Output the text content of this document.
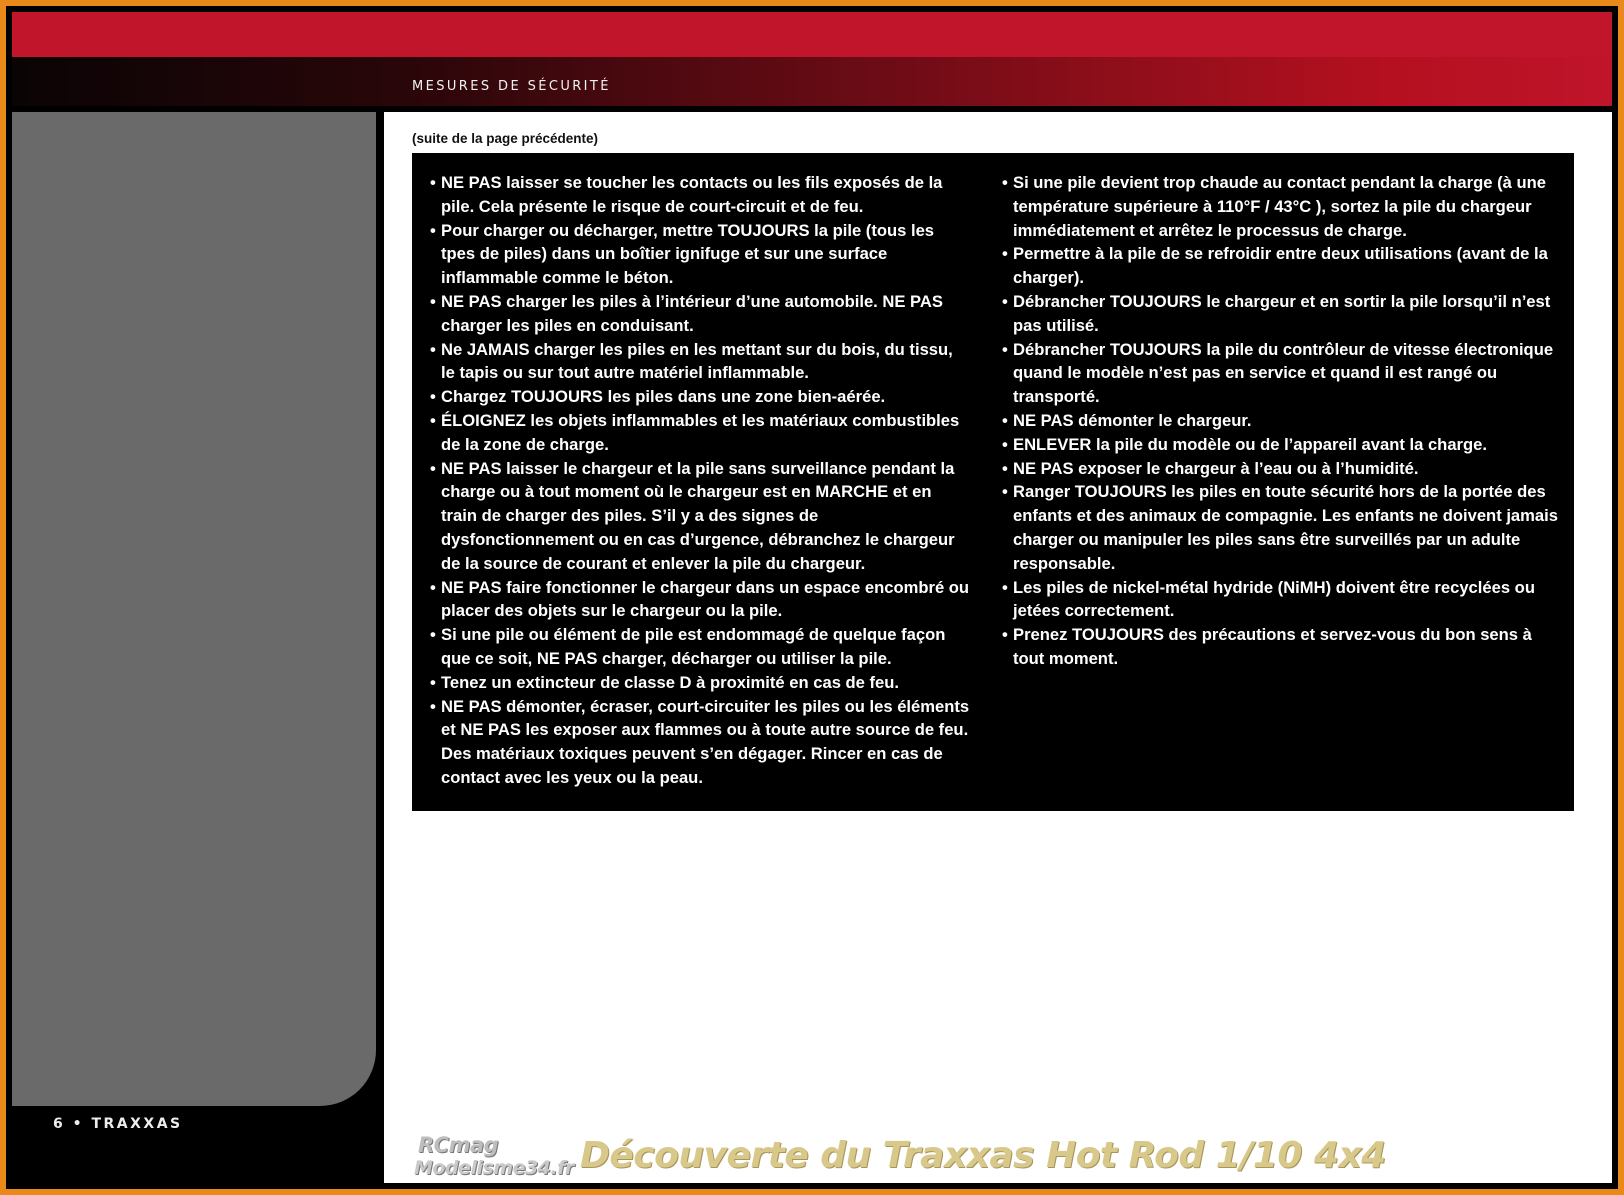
MESURES DE SÉCURITÉ
6 • TRAXXAS
(suite de la page précédente)
• NE PAS laisser se toucher les contacts ou les fils exposés de la pile. Cela présente le risque de court-circuit et de feu.
• Pour charger ou décharger, mettre TOUJOURS la pile (tous les tpes de piles) dans un boîtier ignifuge et sur une surface inflammable comme le béton.
• NE PAS charger les piles à l’intérieur d’une automobile. NE PAS charger les piles en conduisant.
• Ne JAMAIS charger les piles en les mettant sur du bois, du tissu, le tapis ou sur tout autre matériel inflammable.
• Chargez TOUJOURS les piles dans une zone bien-aérée.
• ÉLOIGNEZ les objets inflammables et les matériaux combustibles de la zone de charge.
• NE PAS laisser le chargeur et la pile sans surveillance pendant la charge ou à tout moment où le chargeur est en MARCHE et en train de charger des piles. S’il y a des signes de dysfonctionnement ou en cas d’urgence, débranchez le chargeur de la source de courant et enlever la pile du chargeur.
• NE PAS faire fonctionner le chargeur dans un espace encombré ou placer des objets sur le chargeur ou la pile.
• Si une pile ou élément de pile est endommagé de quelque façon que ce soit, NE PAS charger, décharger ou utiliser la pile.
• Tenez un extincteur de classe D à proximité en cas de feu.
• NE PAS démonter, écraser, court-circuiter les piles ou les éléments et NE PAS les exposer aux flammes ou à toute autre source de feu. Des matériaux toxiques peuvent s’en dégager. Rincer en cas de contact avec les yeux ou la peau.
• Si une pile devient trop chaude au contact pendant la charge (à une température supérieure à 110°F / 43°C ), sortez la pile du chargeur immédiatement et arrêtez le processus de charge.
• Permettre à la pile de se refroidir entre deux utilisations (avant de la charger).
• Débrancher TOUJOURS le chargeur et en sortir la pile lorsqu’il n’est pas utilisé.
• Débrancher TOUJOURS la pile du contrôleur de vitesse électronique quand le modèle n’est pas en service et quand il est rangé ou transporté.
• NE PAS démonter le chargeur.
• ENLEVER la pile du modèle ou de l’appareil avant la charge.
• NE PAS exposer le chargeur à l’eau ou à l’humidité.
• Ranger TOUJOURS les piles en toute sécurité hors de la portée des enfants et des animaux de compagnie. Les enfants ne doivent jamais charger ou manipuler les piles sans être surveillés par un adulte responsable.
• Les piles de nickel-métal hydride (NiMH) doivent être recyclées ou jetées correctement.
• Prenez TOUJOURS des précautions et servez-vous du bon sens à tout moment.
RCmag
Modelisme34.fr Découverte du Traxxas Hot Rod 1/10 4x4
